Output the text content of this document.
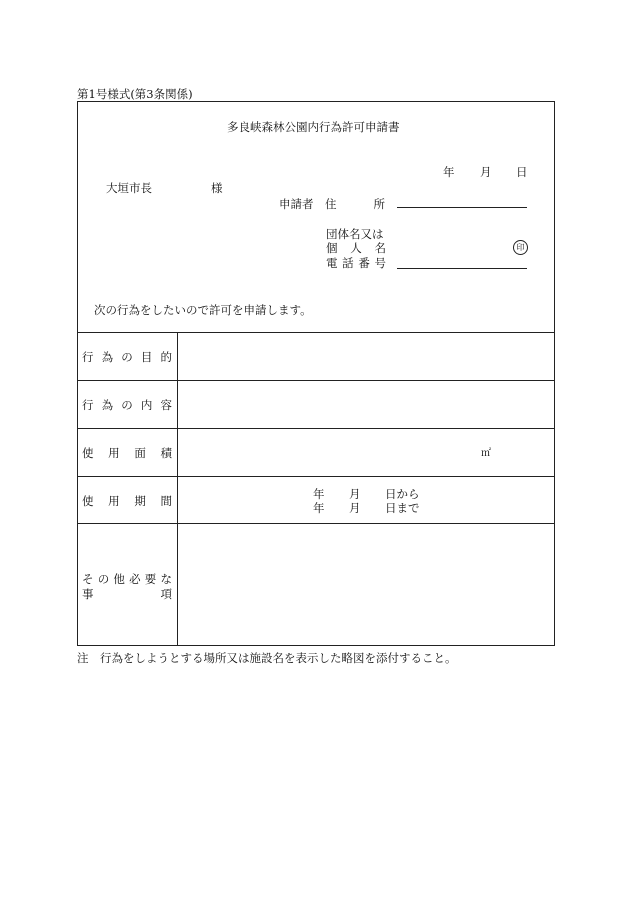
第1号様式(第3条関係)
多良峡森林公園内行為許可申請書
年 月 日
大垣市長	様
申請者 住	所
団体名又は
個 人 名	印
電 話 番 号
次の行為をしたいので許可を申請します。
行 為 の 目 的
行 為 の 内 容
使 用 面 積	㎡
使 用 期 間	年 月 日から
年 月 日まで
そ の 他 必 要 な
事	項
注　行為をしようとする場所又は施設名を表示した略図を添付すること。
